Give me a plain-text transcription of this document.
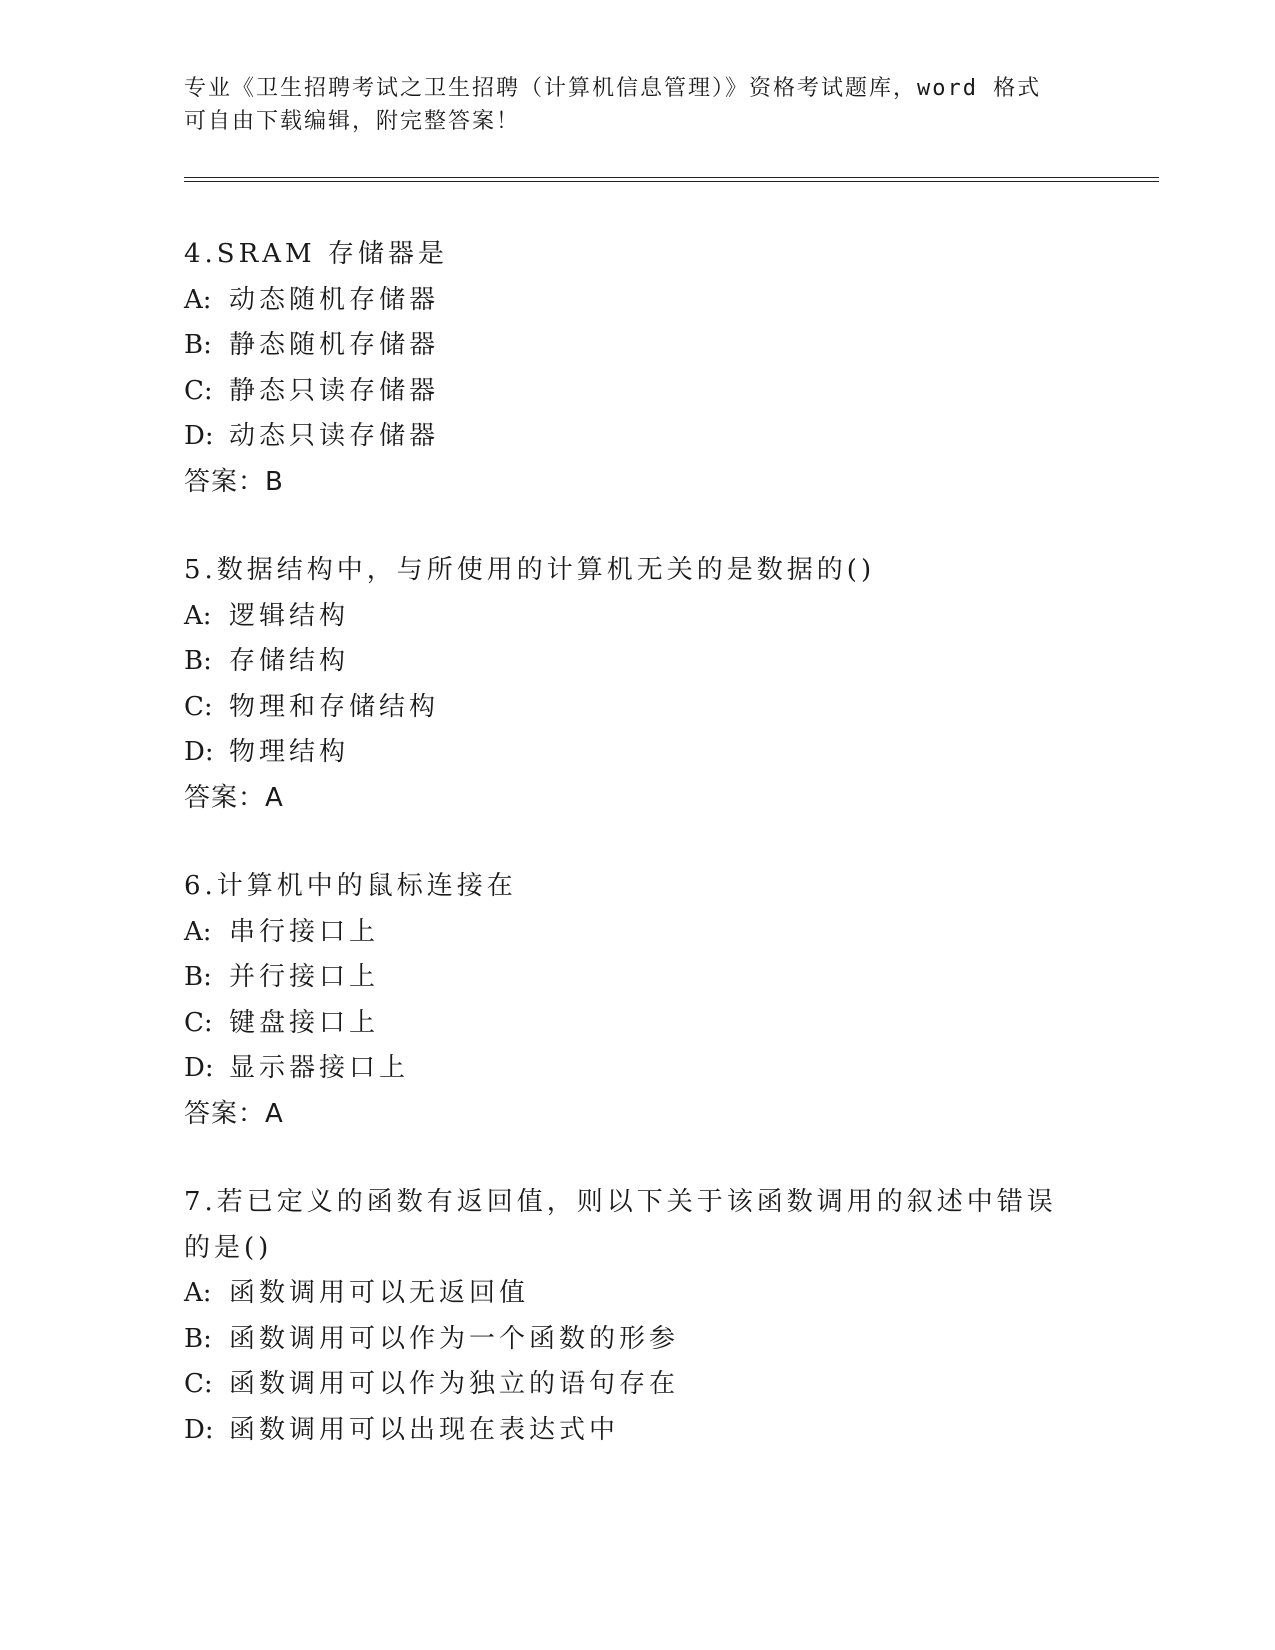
专业《卫生招聘考试之卫生招聘（计算机信息管理）》资格考试题库，word 格式
可自由下载编辑，附完整答案！
4.SRAM 存储器是
A: 动态随机存储器
B: 静态随机存储器
C: 静态只读存储器
D: 动态只读存储器
答案：B
5.数据结构中，与所使用的计算机无关的是数据的()
A: 逻辑结构
B: 存储结构
C: 物理和存储结构
D: 物理结构
答案：A
6.计算机中的鼠标连接在
A: 串行接口上
B: 并行接口上
C: 键盘接口上
D: 显示器接口上
答案：A
7.若已定义的函数有返回值，则以下关于该函数调用的叙述中错误的是()
A: 函数调用可以无返回值
B: 函数调用可以作为一个函数的形参
C: 函数调用可以作为独立的语句存在
D: 函数调用可以出现在表达式中
